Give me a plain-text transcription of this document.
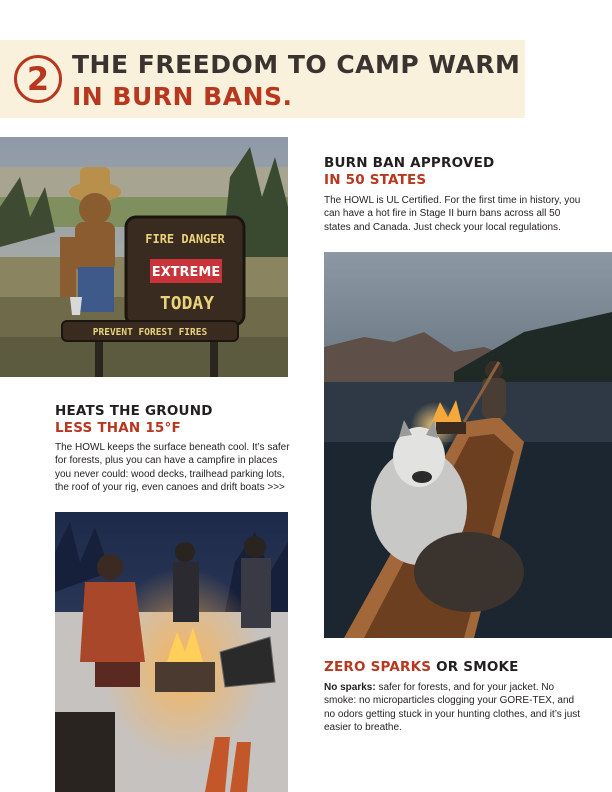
2 THE FREEDOM TO CAMP WARM
IN BURN BANS.
FIRE DANGER
EXTREME
TODAY
PREVENT FOREST FIRES
BURN BAN APPROVED
IN 50 STATES
The HOWL is UL Certified. For the first time in history, you can have a hot fire in Stage II burn bans across all 50 states and Canada. Just check your local regulations.
HEATS THE GROUND
LESS THAN 15°F
The HOWL keeps the surface beneath cool. It’s safer for forests, plus you can have a campfire in places you never could: wood decks, trailhead parking lots, the roof of your rig, even canoes and drift boats >>>
ZERO SPARKS OR SMOKE
No sparks: safer for forests, and for your jacket. No smoke: no microparticles clogging your GORE-TEX, and no odors getting stuck in your hunting clothes, and it’s just easier to breathe.
